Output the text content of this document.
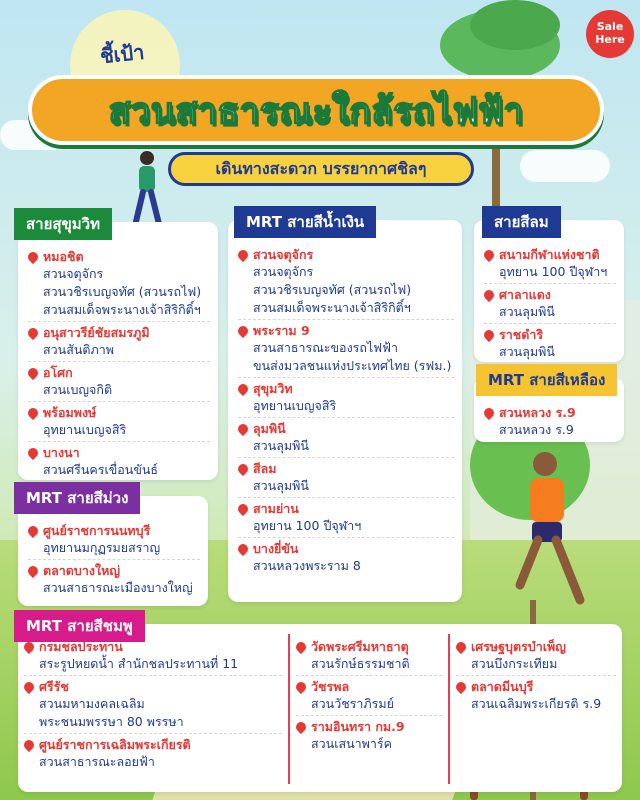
Sale
Here
ชี้เป้า
สวนสาธารณะใกล้รถไฟฟ้า
เดินทางสะดวก บรรยากาศชิลๆ
สายสุขุมวิท
หมอชิต
สวนจตุจักร
สวนวชิรเบญจทัศ (สวนรถไฟ)
สวนสมเด็จพระนางเจ้าสิริกิติ์ฯ
อนุสาวรีย์ชัยสมรภูมิ
สวนสันติภาพ
อโศก
สวนเบญจกิติ
พร้อมพงษ์
อุทยานเบญจสิริ
บางนา
สวนศรีนครเขื่อนขันธ์
MRT สายสีน้ำเงิน
สวนจตุจักร
สวนจตุจักร
สวนวชิรเบญจทัศ (สวนรถไฟ)
สวนสมเด็จพระนางเจ้าสิริกิติ์ฯ
พระราม 9
สวนสาธารณะของรถไฟฟ้า
ขนส่งมวลชนแห่งประเทศไทย (รฟม.)
สุขุมวิท
อุทยานเบญจสิริ
ลุมพินี
สวนลุมพินี
สีลม
สวนลุมพินี
สามย่าน
อุทยาน 100 ปีจุฬาฯ
บางยี่ขัน
สวนหลวงพระราม 8
สายสีลม
สนามกีฬาแห่งชาติ
อุทยาน 100 ปีจุฬาฯ
ศาลาแดง
สวนลุมพินี
ราชดำริ
สวนลุมพินี
MRT สายสีเหลือง
สวนหลวง ร.9
สวนหลวง ร.9
MRT สายสีม่วง
ศูนย์ราชการนนทบุรี
อุทยานมกุฏรมยสราญ
ตลาดบางใหญ่
สวนสาธารณะเมืองบางใหญ่
MRT สายสีชมพู
กรมชลประทาน
สระรูปหยดน้ำ สำนักชลประทานที่ 11
ศรีรัช
สวนมหามงคลเฉลิม
พระชนมพรรษา 80 พรรษา
ศูนย์ราชการเฉลิมพระเกียรติ
สวนสาธารณะลอยฟ้า
วัดพระศรีมหาธาตุ
สวนรักษ์ธรรมชาติ
วัชรพล
สวนวัชราภิรมย์
รามอินทรา กม.9
สวนเสนาพาร์ค
เศรษฐบุตรบำเพ็ญ
สวนบึงกระเทียม
ตลาดมีนบุรี
สวนเฉลิมพระเกียรติ ร.9
